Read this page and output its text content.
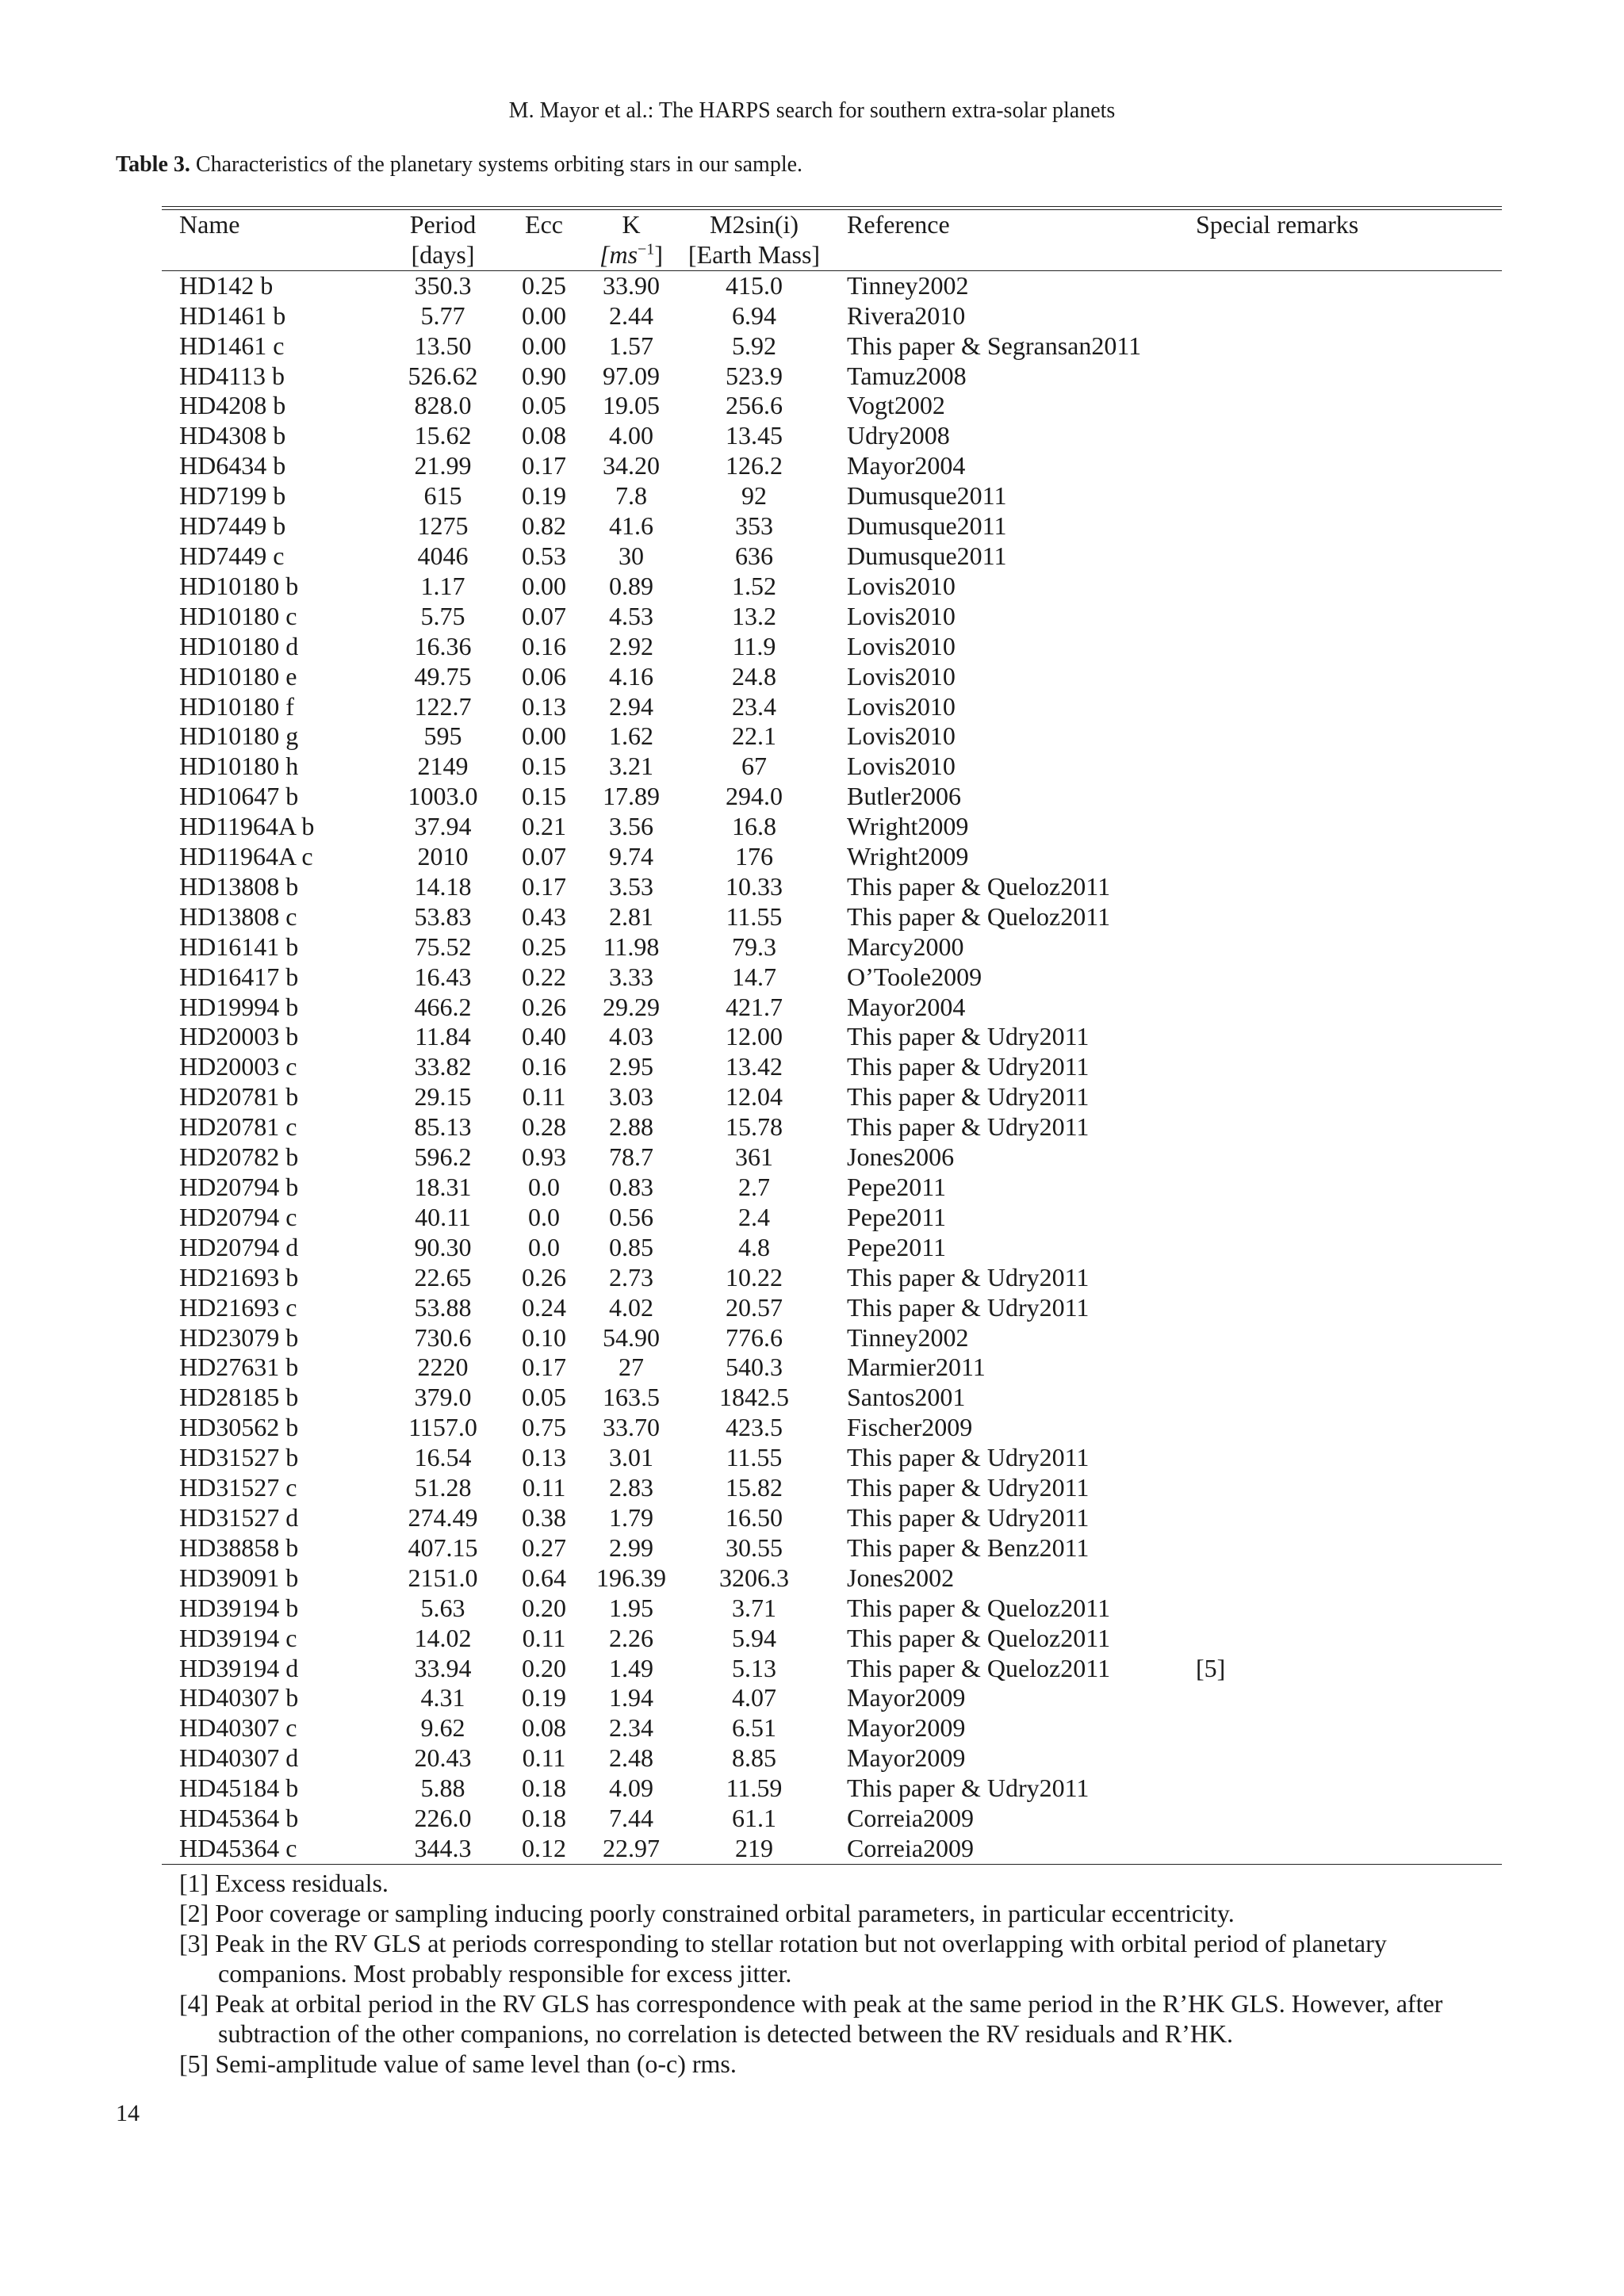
M. Mayor et al.: The HARPS search for southern extra-solar planets
Table 3. Characteristics of the planetary systems orbiting stars in our sample.
Name	Period	Ecc	K	M2sin(i)	Reference	Special remarks
	[days]		$[ms^{-1}]$	[Earth Mass]		
HD142 b	350.3	0.25	33.90	415.0	Tinney2002	
HD1461 b	5.77	0.00	2.44	6.94	Rivera2010	
HD1461 c	13.50	0.00	1.57	5.92	This paper & Segransan2011	
HD4113 b	526.62	0.90	97.09	523.9	Tamuz2008	
HD4208 b	828.0	0.05	19.05	256.6	Vogt2002	
HD4308 b	15.62	0.08	4.00	13.45	Udry2008	
HD6434 b	21.99	0.17	34.20	126.2	Mayor2004	
HD7199 b	615	0.19	7.8	92	Dumusque2011	
HD7449 b	1275	0.82	41.6	353	Dumusque2011	
HD7449 c	4046	0.53	30	636	Dumusque2011	
HD10180 b	1.17	0.00	0.89	1.52	Lovis2010	
HD10180 c	5.75	0.07	4.53	13.2	Lovis2010	
HD10180 d	16.36	0.16	2.92	11.9	Lovis2010	
HD10180 e	49.75	0.06	4.16	24.8	Lovis2010	
HD10180 f	122.7	0.13	2.94	23.4	Lovis2010	
HD10180 g	595	0.00	1.62	22.1	Lovis2010	
HD10180 h	2149	0.15	3.21	67	Lovis2010	
HD10647 b	1003.0	0.15	17.89	294.0	Butler2006	
HD11964A b	37.94	0.21	3.56	16.8	Wright2009	
HD11964A c	2010	0.07	9.74	176	Wright2009	
HD13808 b	14.18	0.17	3.53	10.33	This paper & Queloz2011	
HD13808 c	53.83	0.43	2.81	11.55	This paper & Queloz2011	
HD16141 b	75.52	0.25	11.98	79.3	Marcy2000	
HD16417 b	16.43	0.22	3.33	14.7	O’Toole2009	
HD19994 b	466.2	0.26	29.29	421.7	Mayor2004	
HD20003 b	11.84	0.40	4.03	12.00	This paper & Udry2011	
HD20003 c	33.82	0.16	2.95	13.42	This paper & Udry2011	
HD20781 b	29.15	0.11	3.03	12.04	This paper & Udry2011	
HD20781 c	85.13	0.28	2.88	15.78	This paper & Udry2011	
HD20782 b	596.2	0.93	78.7	361	Jones2006	
HD20794 b	18.31	0.0	0.83	2.7	Pepe2011	
HD20794 c	40.11	0.0	0.56	2.4	Pepe2011	
HD20794 d	90.30	0.0	0.85	4.8	Pepe2011	
HD21693 b	22.65	0.26	2.73	10.22	This paper & Udry2011	
HD21693 c	53.88	0.24	4.02	20.57	This paper & Udry2011	
HD23079 b	730.6	0.10	54.90	776.6	Tinney2002	
HD27631 b	2220	0.17	27	540.3	Marmier2011	
HD28185 b	379.0	0.05	163.5	1842.5	Santos2001	
HD30562 b	1157.0	0.75	33.70	423.5	Fischer2009	
HD31527 b	16.54	0.13	3.01	11.55	This paper & Udry2011	
HD31527 c	51.28	0.11	2.83	15.82	This paper & Udry2011	
HD31527 d	274.49	0.38	1.79	16.50	This paper & Udry2011	
HD38858 b	407.15	0.27	2.99	30.55	This paper & Benz2011	
HD39091 b	2151.0	0.64	196.39	3206.3	Jones2002	
HD39194 b	5.63	0.20	1.95	3.71	This paper & Queloz2011	
HD39194 c	14.02	0.11	2.26	5.94	This paper & Queloz2011	
HD39194 d	33.94	0.20	1.49	5.13	This paper & Queloz2011	[5]
HD40307 b	4.31	0.19	1.94	4.07	Mayor2009	
HD40307 c	9.62	0.08	2.34	6.51	Mayor2009	
HD40307 d	20.43	0.11	2.48	8.85	Mayor2009	
HD45184 b	5.88	0.18	4.09	11.59	This paper & Udry2011	
HD45364 b	226.0	0.18	7.44	61.1	Correia2009	
HD45364 c	344.3	0.12	22.97	219	Correia2009	

[1] Excess residuals.

[2] Poor coverage or sampling inducing poorly constrained orbital parameters, in particular eccentricity.

[3] Peak in the RV GLS at periods corresponding to stellar rotation but not overlapping with orbital period of planetary companions. Most probably responsible for excess jitter.

[4] Peak at orbital period in the RV GLS has correspondence with peak at the same period in the R’HK GLS. However, after subtraction of the other companions, no correlation is detected between the RV residuals and R’HK.

[5] Semi-amplitude value of same level than (o-c) rms.

14
